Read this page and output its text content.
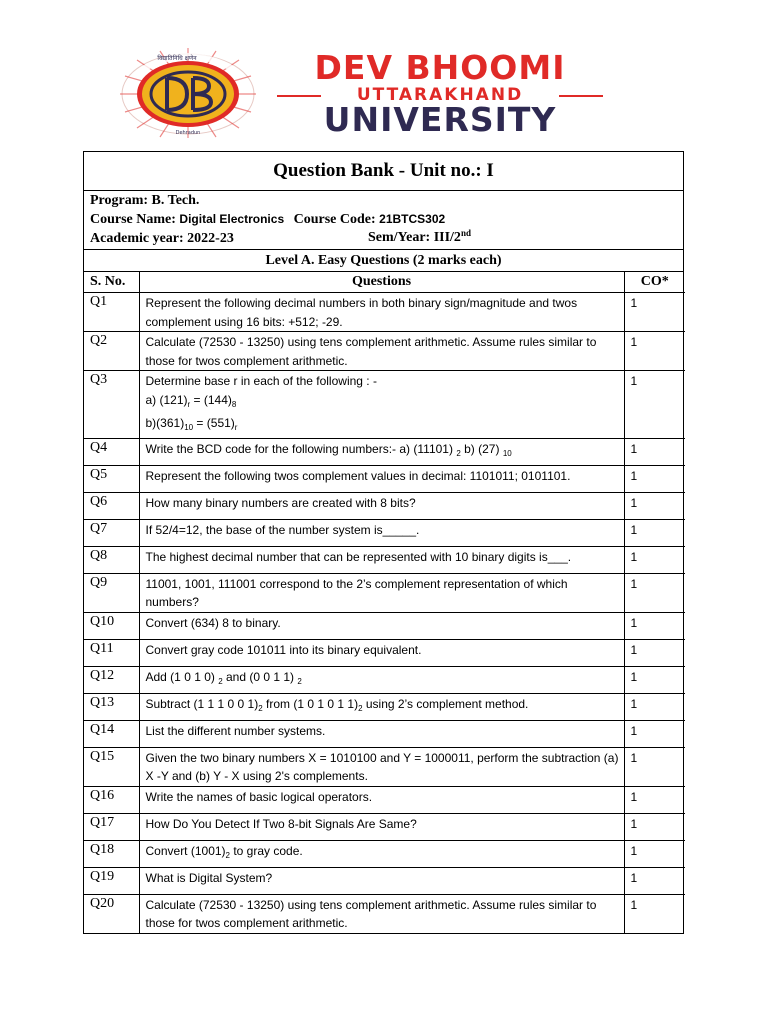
विद्यातिनिधि क्षणेन
Dehradun
DEV BHOOMI
UTTARAKHAND
UNIVERSITY
Question Bank - Unit no.: I
Program: B. Tech.
Course Name: Digital Electronics Course Code: 21BTCS302
Academic year: 2022-23	Sem/Year: III/2nd
Level A. Easy Questions (2 marks each)
S. No.	Questions	CO*
Q1	Represent the following decimal numbers in both binary sign/magnitude and twos complement using 16 bits: +512; -29.	1
Q2	Calculate (72530 - 13250) using tens complement arithmetic. Assume rules similar to those for twos complement arithmetic.	1
Q3	Determine base r in each of the following : -
a) $(121)_r = (144)_8$
$b)(361)_{10} = (551)_r$	1
Q4	Write the BCD code for the following numbers:- a) (11101) $_2$ b) (27) $_{10}$	1
Q5	Represent the following twos complement values in decimal: 1101011; 0101101.	1
Q6	How many binary numbers are created with 8 bits?	1
Q7	If 52/4=12, the base of the number system is_____.	1
Q8	The highest decimal number that can be represented with 10 binary digits is___.	1
Q9	11001, 1001, 111001 correspond to the 2’s complement representation of which numbers?	1
Q10	Convert (634) 8 to binary.	1
Q11	Convert gray code 101011 into its binary equivalent.	1
Q12	Add (1 0 1 0) $_2$ and (0 0 1 1) $_2$	1
Q13	Subtract (1 1 1 0 0 $1)_2$ from (1 0 1 0 1 $1)_2$ using 2’s complement method.	1
Q14	List the different number systems.	1
Q15	Given the two binary numbers X = 1010100 and Y = 1000011, perform the subtraction (a) X -Y and (b) Y - X using 2's complements.	1
Q16	Write the names of basic logical operators.	1
Q17	How Do You Detect If Two 8-bit Signals Are Same?	1
Q18	Convert $(1001)_2$ to gray code.	1
Q19	What is Digital System?	1
Q20	Calculate (72530 - 13250) using tens complement arithmetic. Assume rules similar to those for twos complement arithmetic.	1
